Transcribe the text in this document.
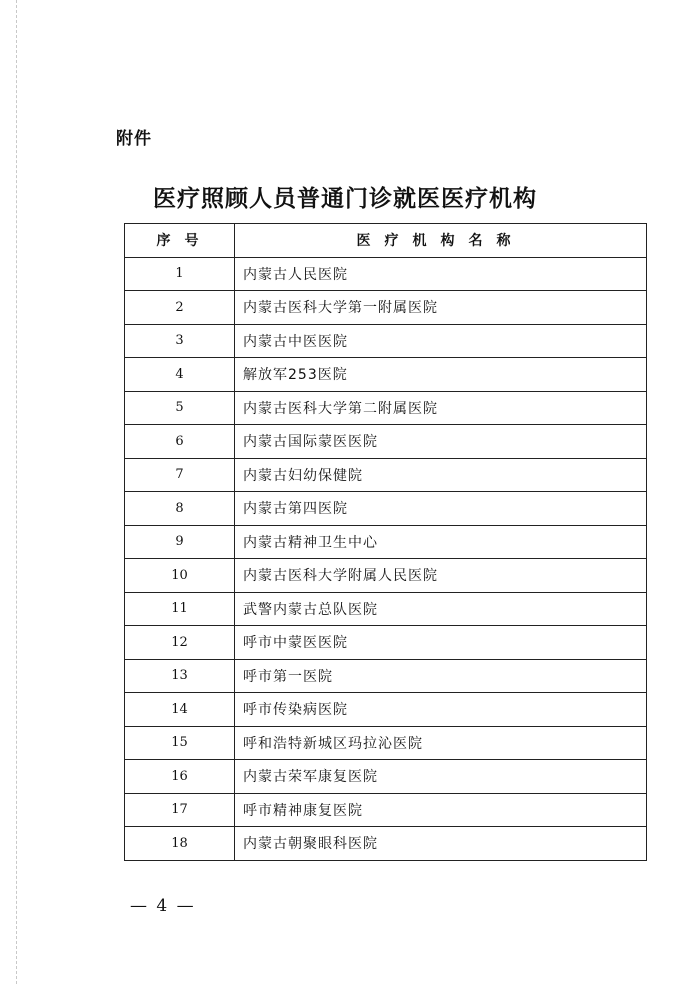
附件
医疗照顾人员普通门诊就医医疗机构
序号	医疗机构名称
1	内蒙古人民医院
2	内蒙古医科大学第一附属医院
3	内蒙古中医医院
4	解放军253医院
5	内蒙古医科大学第二附属医院
6	内蒙古国际蒙医医院
7	内蒙古妇幼保健院
8	内蒙古第四医院
9	内蒙古精神卫生中心
10	内蒙古医科大学附属人民医院
11	武警内蒙古总队医院
12	呼市中蒙医医院
13	呼市第一医院
14	呼市传染病医院
15	呼和浩特新城区玛拉沁医院
16	内蒙古荣军康复医院
17	呼市精神康复医院
18	内蒙古朝聚眼科医院
— 4 —
